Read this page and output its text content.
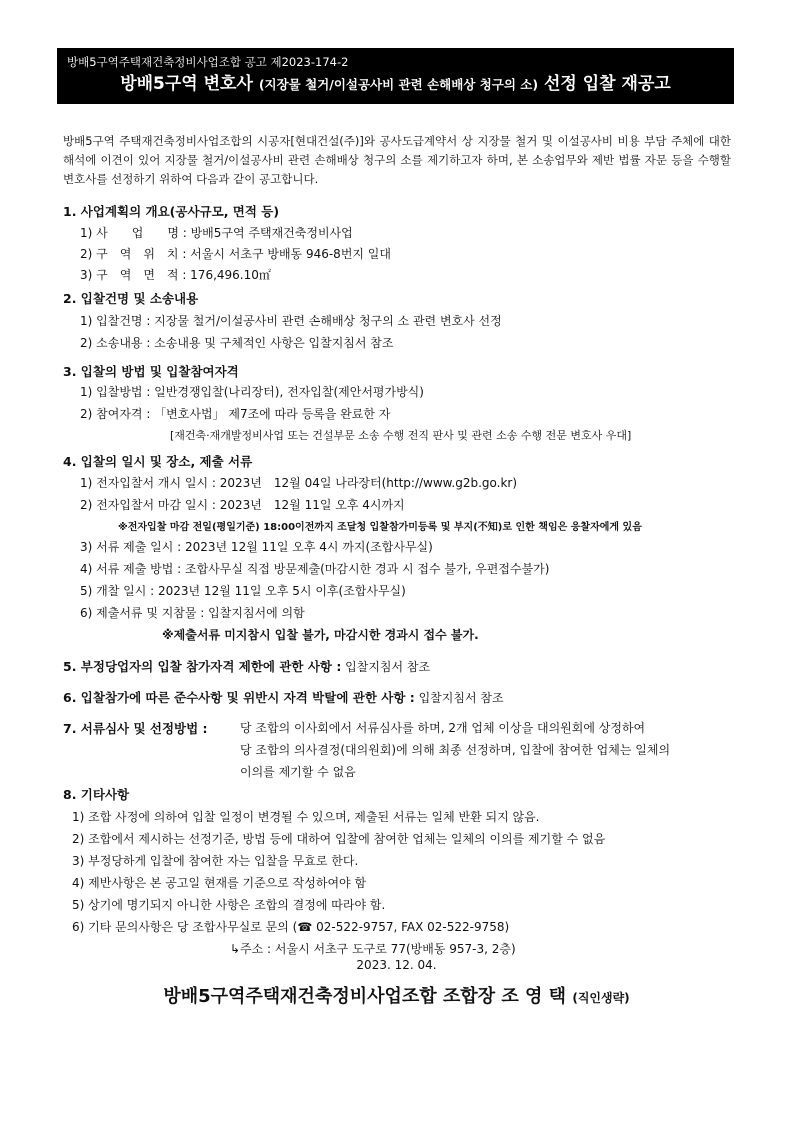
방배5구역주택재건축정비사업조합 공고 제2023-174-2
방배5구역 변호사 (지장물 철거/이설공사비 관련 손해배상 청구의 소) 선정 입찰 재공고
방배5구역 주택재건축정비사업조합의 시공자[현대건설(주)]와 공사도급계약서 상 지장물 철거 및 이설공사비 비용 부담 주체에 대한 해석에 이견이 있어 지장물 철거/이설공사비 관련 손해배상 청구의 소를 제기하고자 하며, 본 소송업무와 제반 법률 자문 등을 수행할 변호사를 선정하기 위하여 다음과 같이 공고합니다.
1. 사업계획의 개요(공사규모, 면적 등)
1) 사　　업　　명 : 방배5구역 주택재건축정비사업
2) 구　역　위　치 : 서울시 서초구 방배동 946-8번지 일대
3) 구　역　면　적 : 176,496.10㎡
2. 입찰건명 및 소송내용
1) 입찰건명 : 지장물 철거/이설공사비 관련 손해배상 청구의 소 관련 변호사 선정
2) 소송내용 : 소송내용 및 구체적인 사항은 입찰지침서 참조
3. 입찰의 방법 및 입찰참여자격
1) 입찰방법 : 일반경쟁입찰(나리장터), 전자입찰(제안서평가방식)
2) 참여자격 : 「변호사법」 제7조에 따라 등록을 완료한 자
[재건축·재개발정비사업 또는 건설부문 소송 수행 전직 판사 및 관련 소송 수행 전문 변호사 우대]
4. 입찰의 일시 및 장소, 제출 서류
1) 전자입찰서 개시 일시 : 2023년　12월 04일 나라장터(http://www.g2b.go.kr)
2) 전자입찰서 마감 일시 : 2023년　12월 11일 오후 4시까지
※전자입찰 마감 전일(평일기준) 18:00이전까지 조달청 입찰참가미등록 및 부지(不知)로 인한 책임은 응찰자에게 있음
3) 서류 제출 일시 : 2023년 12월 11일 오후 4시 까지(조합사무실)
4) 서류 제출 방법 : 조합사무실 직접 방문제출(마감시한 경과 시 접수 불가, 우편접수불가)
5) 개찰 일시 : 2023년 12월 11일 오후 5시 이후(조합사무실)
6) 제출서류 및 지참물 : 입찰지침서에 의함
※제출서류 미지참시 입찰 불가, 마감시한 경과시 접수 불가.
5. 부정당업자의 입찰 참가자격 제한에 관한 사항 : 입찰지침서 참조
6. 입찰참가에 따른 준수사항 및 위반시 자격 박탈에 관한 사항 : 입찰지침서 참조
7. 서류심사 및 선정방법 :	당 조합의 이사회에서 서류심사를 하며, 2개 업체 이상을 대의원회에 상정하여
당 조합의 의사결정(대의원회)에 의해 최종 선정하며, 입찰에 참여한 업체는 일체의
이의를 제기할 수 없음
8. 기타사항
1) 조합 사정에 의하여 입찰 일정이 변경될 수 있으며, 제출된 서류는 일체 반환 되지 않음.
2) 조합에서 제시하는 선정기준, 방법 등에 대하여 입찰에 참여한 업체는 일체의 이의를 제기할 수 없음
3) 부정당하게 입찰에 참여한 자는 입찰을 무효로 한다.
4) 제반사항은 본 공고일 현재를 기준으로 작성하여야 함
5) 상기에 명기되지 아니한 사항은 조합의 결정에 따라야 함.
6) 기타 문의사항은 당 조합사무실로 문의 (☎ 02-522-9757, FAX 02-522-9758)
↳주소 : 서울시 서초구 도구로 77(방배동 957-3, 2층)
2023. 12. 04.
방배5구역주택재건축정비사업조합 조합장 조 영 택 (직인생략)
